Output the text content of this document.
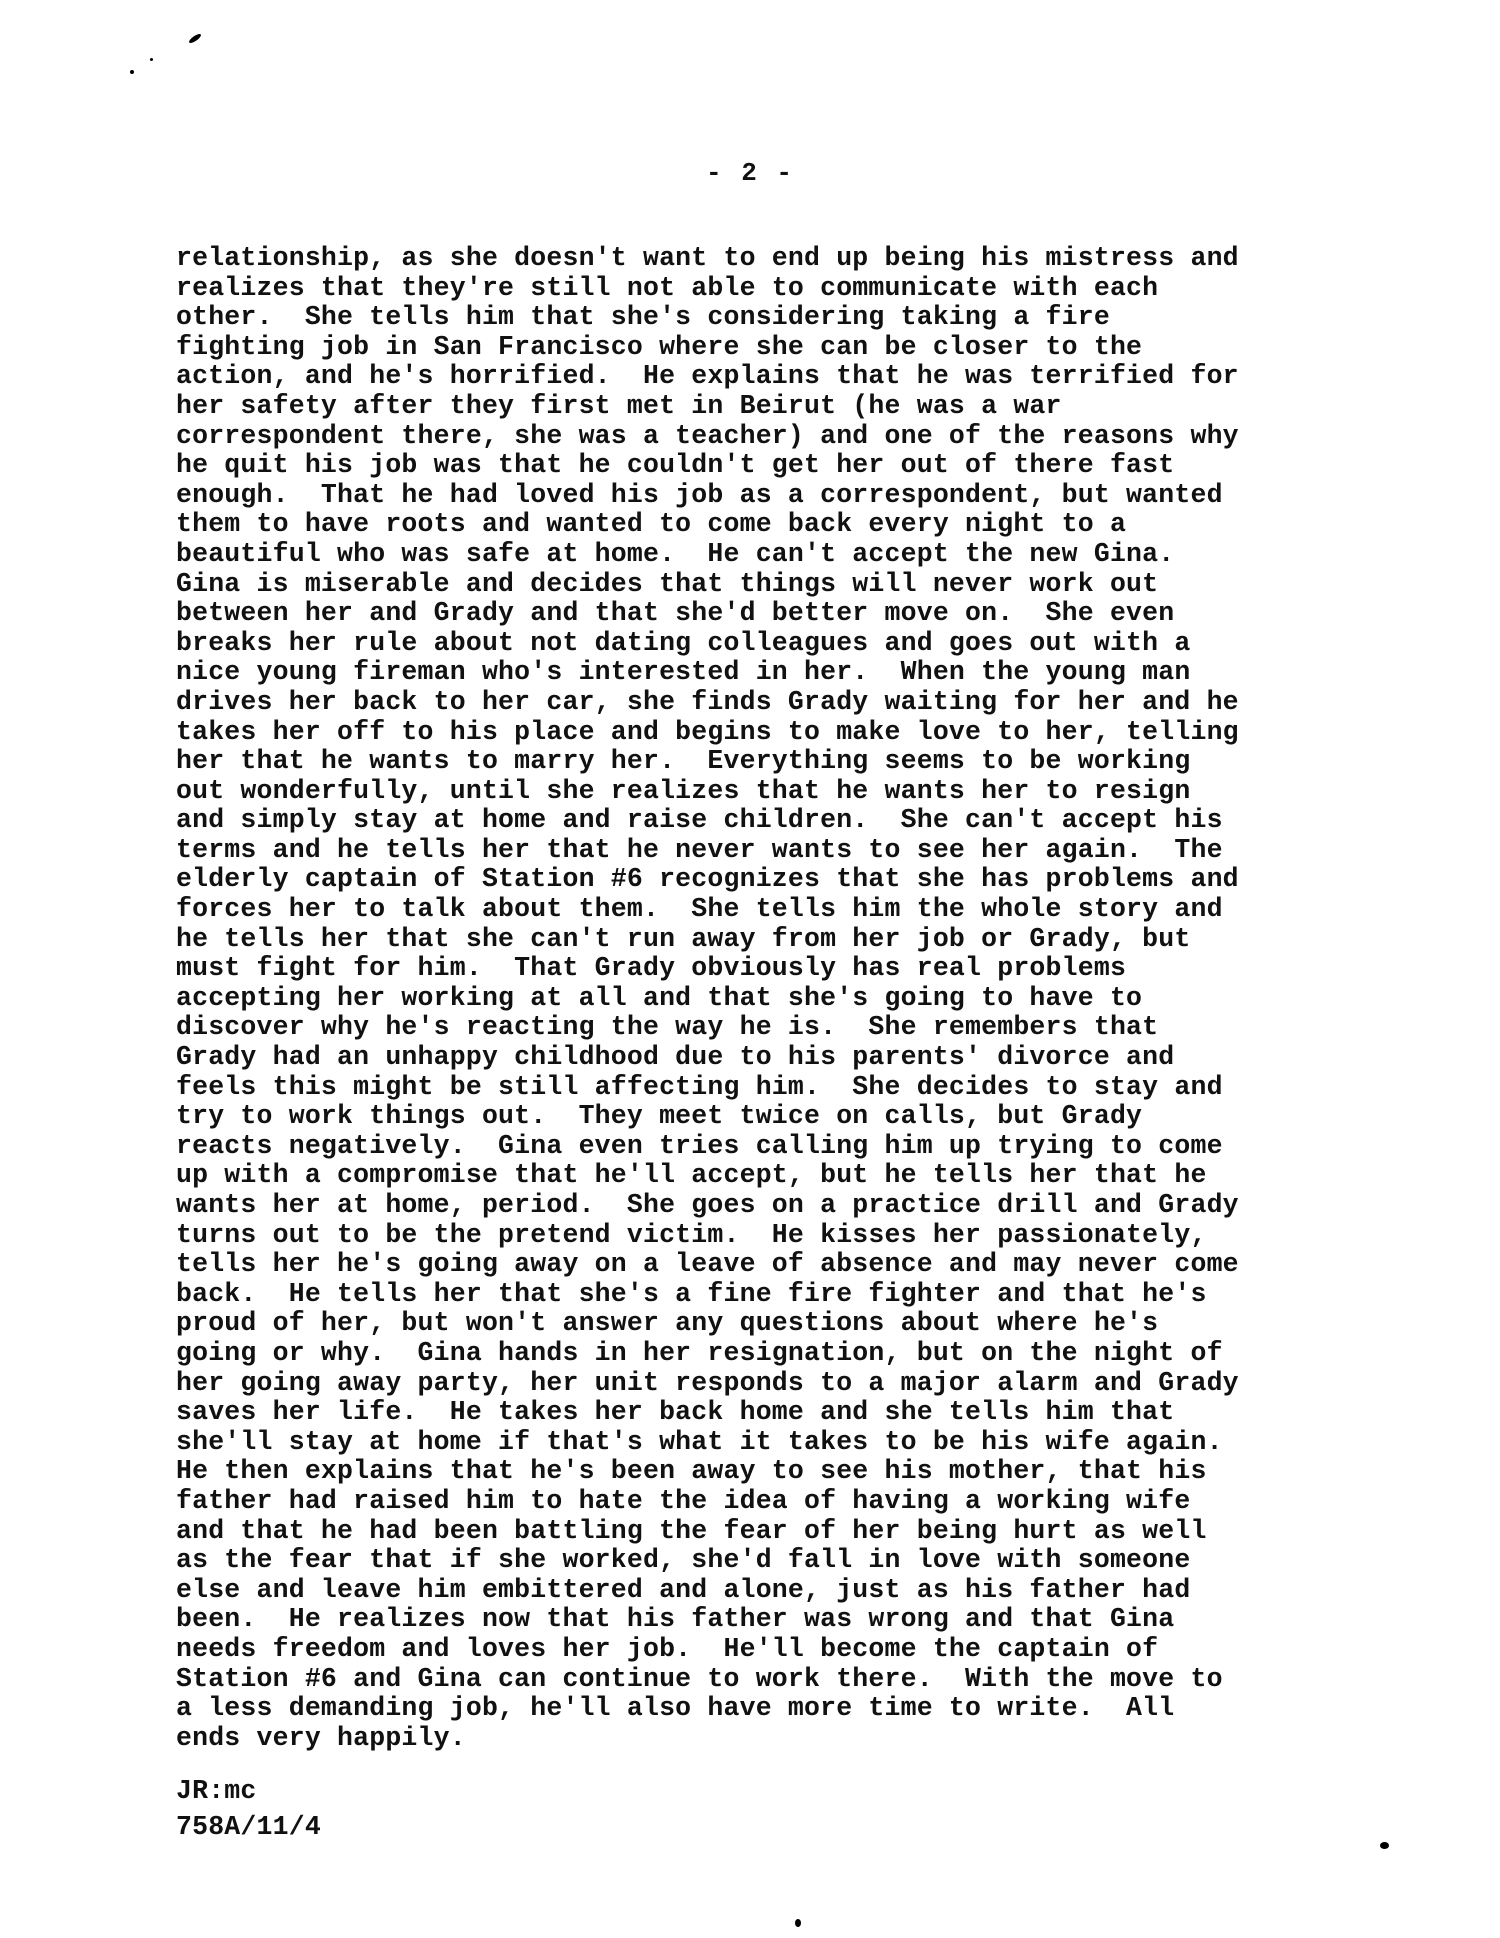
- 2 -
relationship, as she doesn't want to end up being his mistress and
realizes that they're still not able to communicate with each
other.  She tells him that she's considering taking a fire
fighting job in San Francisco where she can be closer to the
action, and he's horrified.  He explains that he was terrified for
her safety after they first met in Beirut (he was a war
correspondent there, she was a teacher) and one of the reasons why
he quit his job was that he couldn't get her out of there fast
enough.  That he had loved his job as a correspondent, but wanted
them to have roots and wanted to come back every night to a
beautiful who was safe at home.  He can't accept the new Gina.
Gina is miserable and decides that things will never work out
between her and Grady and that she'd better move on.  She even
breaks her rule about not dating colleagues and goes out with a
nice young fireman who's interested in her.  When the young man
drives her back to her car, she finds Grady waiting for her and he
takes her off to his place and begins to make love to her, telling
her that he wants to marry her.  Everything seems to be working
out wonderfully, until she realizes that he wants her to resign
and simply stay at home and raise children.  She can't accept his
terms and he tells her that he never wants to see her again.  The
elderly captain of Station #6 recognizes that she has problems and
forces her to talk about them.  She tells him the whole story and
he tells her that she can't run away from her job or Grady, but
must fight for him.  That Grady obviously has real problems
accepting her working at all and that she's going to have to
discover why he's reacting the way he is.  She remembers that
Grady had an unhappy childhood due to his parents' divorce and
feels this might be still affecting him.  She decides to stay and
try to work things out.  They meet twice on calls, but Grady
reacts negatively.  Gina even tries calling him up trying to come
up with a compromise that he'll accept, but he tells her that he
wants her at home, period.  She goes on a practice drill and Grady
turns out to be the pretend victim.  He kisses her passionately,
tells her he's going away on a leave of absence and may never come
back.  He tells her that she's a fine fire fighter and that he's
proud of her, but won't answer any questions about where he's
going or why.  Gina hands in her resignation, but on the night of
her going away party, her unit responds to a major alarm and Grady
saves her life.  He takes her back home and she tells him that
she'll stay at home if that's what it takes to be his wife again.
He then explains that he's been away to see his mother, that his
father had raised him to hate the idea of having a working wife
and that he had been battling the fear of her being hurt as well
as the fear that if she worked, she'd fall in love with someone
else and leave him embittered and alone, just as his father had
been.  He realizes now that his father was wrong and that Gina
needs freedom and loves her job.  He'll become the captain of
Station #6 and Gina can continue to work there.  With the move to
a less demanding job, he'll also have more time to write.  All
ends very happily.
JR:mc
758A/11/4
